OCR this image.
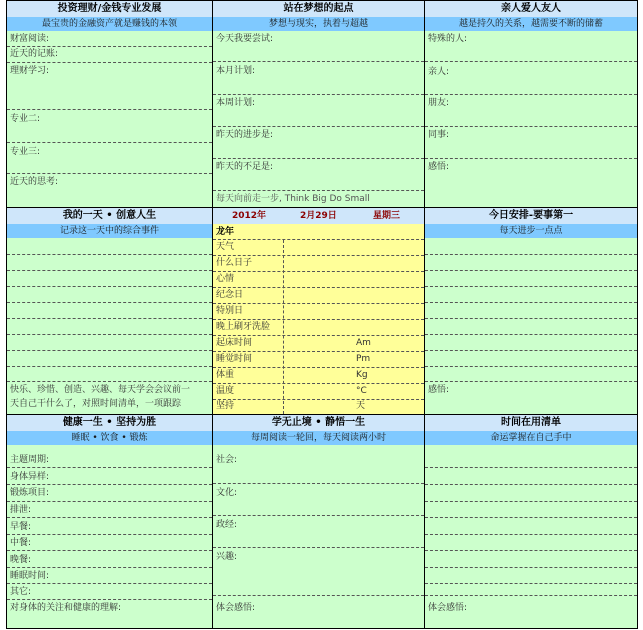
投资理财/金钱专业发展
最宝贵的金融资产就是赚钱的本领
财富阅读:
近天的记账:
理财学习:
专业二:
专业三:
近天的思考:
站在梦想的起点
梦想与现实，执着与超越
今天我要尝试:
本月计划:
本周计划:
昨天的进步是:
昨天的不足是:
每天向前走一步, Think Big Do Small
亲人爱人友人
越是持久的关系，越需要不断的储蓄
特殊的人:
亲人:
朋友:
同事:
感悟:
我的一天 • 创意人生
记录这一天中的综合事件
快乐、珍惜、创造、兴趣、每天学会会议前一
天自己干什么了，对照时间清单，一项跟踪
2012年	2月29日	星期三
龙年
天气
什么日子
心情
纪念日
特别日
晚上刷牙洗脸
起床时间	Am
睡觉时间	Pm
体重	Kg
温度	°C
坚持	天
今日安排-要事第一
每天进步一点点
感悟:
健康一生 • 坚持为胜
睡眠 • 饮食 • 锻炼
主题周期:
身体异样:
锻炼项目:
排泄:
早餐:
中餐:
晚餐:
睡眠时间:
其它:
对身体的关注和健康的理解:
学无止境 • 静悟一生
每周阅读一轮回，每天阅读两小时
社会:
文化:
政经:
兴趣:
体会感悟:
时间在用清单
命运掌握在自己手中
体会感悟:
